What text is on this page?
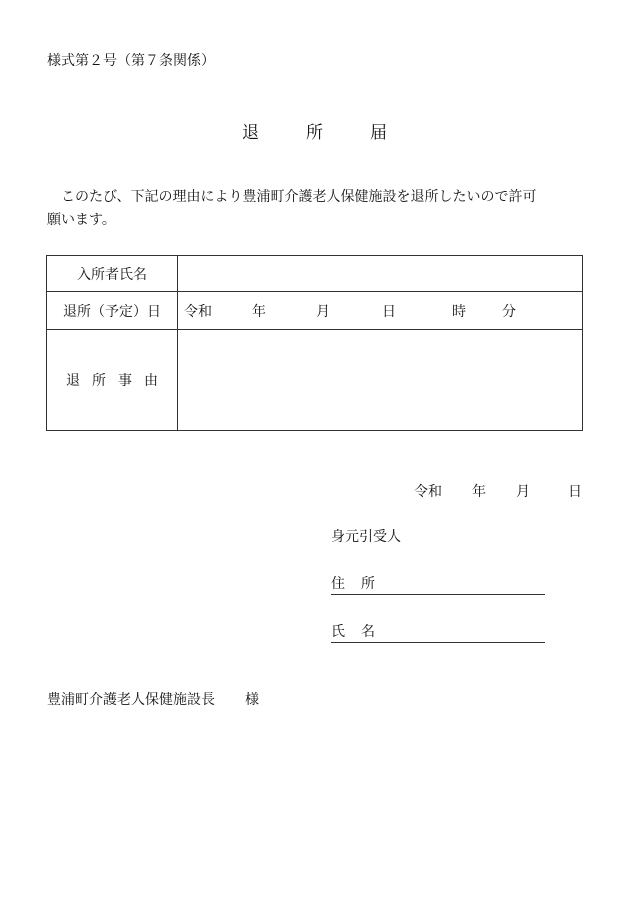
様式第２号（第７条関係）
退	所	届
このたび、下記の理由により豊浦町介護老人保健施設を退所したいので許可
願います。
入所者氏名	
退所（予定）日	令和 年 月 日 時 分
退 所 事 由	
令和 年 月	日
身元引受人
住 所
氏 名
豊浦町介護老人保健施設長 様
